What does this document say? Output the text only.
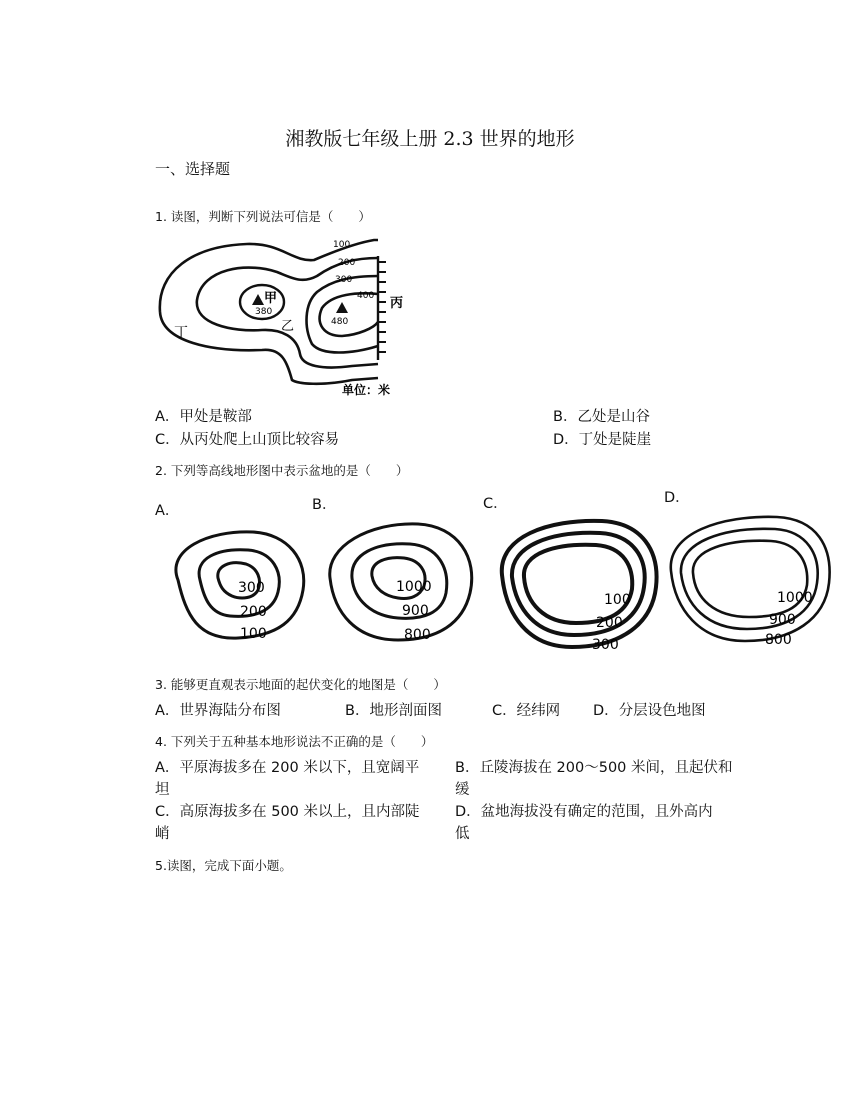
湘教版七年级上册 2.3 世界的地形
一、选择题
1. 读图，判断下列说法可信是（　　）
甲
380
480
100
200
300
400
乙
丙
丁
单位：米
A．甲处是鞍部	B．乙处是山谷
C．从丙处爬上山顶比较容易	D．丁处是陡崖
2. 下列等高线地形图中表示盆地的是（　　）
A．	B．	C．	D．
300
200
100
1000
900
800
100
200
300
1000
900
800
3. 能够更直观表示地面的起伏变化的地图是（　　）
A．世界海陆分布图	B．地形剖面图	C．经纬网 D．分层设色地图
4. 下列关于五种基本地形说法不正确的是（　　）
A．平原海拔多在 200 米以下，且宽阔平
坦
B．丘陵海拔在 200～500 米间，且起伏和
缓
C．高原海拔多在 500 米以上，且内部陡
峭
D．盆地海拔没有确定的范围，且外高内
低
5.读图，完成下面小题。
